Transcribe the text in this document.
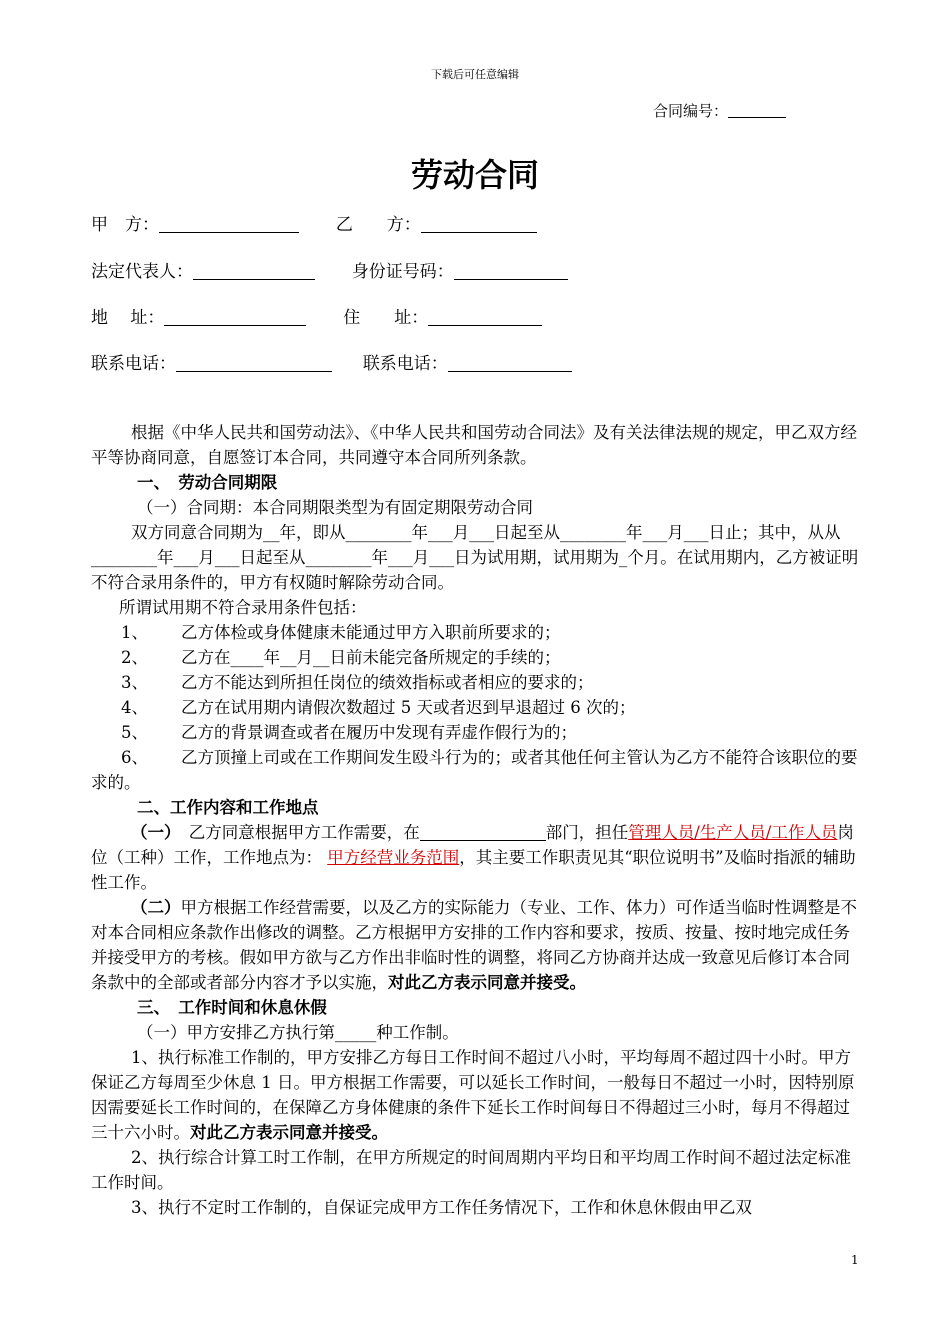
下载后可任意编辑
合同编号：
劳动合同
甲　方：	乙　　方：
法定代表人：	身份证号码：
地　 址：	住　　址：
联系电话：	联系电话：

根据《中华人民共和国劳动法》、《中华人民共和国劳动合同法》及有关法律法规的规定，甲乙双方经平等协商同意，自愿签订本合同，共同遵守本合同所列条款。

一、　劳动合同期限

（一）合同期：本合同期限类型为有固定期限劳动合同

双方同意合同期为__年，即从________年___月___日起至从________年___月___日止；其中，从从________年___月___日起至从________年___月___日为试用期，试用期为_个月。在试用期内，乙方被证明不符合录用条件的，甲方有权随时解除劳动合同。

所谓试用期不符合录用条件包括：

1、 乙方体检或身体健康未能通过甲方入职前所要求的；

2、 乙方在____年__月__日前未能完备所规定的手续的；

3、 乙方不能达到所担任岗位的绩效指标或者相应的要求的；

4、 乙方在试用期内请假次数超过 5 天或者迟到早退超过 6 次的；

5、 乙方的背景调查或者在履历中发现有弄虚作假行为的；

6、 乙方顶撞上司或在工作期间发生殴斗行为的；或者其他任何主管认为乙方不能符合该职位的要求的。

二、工作内容和工作地点

（一）　 乙方同意根据甲方工作需要，在	部门，担任管理人员/生产人员/工作人员岗位（工种）工作，工作地点为： 甲方经营业务范围，其主要工作职责见其“职位说明书”及临时指派的辅助性工作。

（二）甲方根据工作经营需要，以及乙方的实际能力（专业、工作、体力）可作适当临时性调整是不对本合同相应条款作出修改的调整。乙方根据甲方安排的工作内容和要求，按质、按量、按时地完成任务并接受甲方的考核。假如甲方欲与乙方作出非临时性的调整，将同乙方协商并达成一致意见后修订本合同条款中的全部或者部分内容才予以实施，对此乙方表示同意并接受。

三、　工作时间和休息休假

（一）甲方安排乙方执行第_____种工作制。

1、执行标准工作制的，甲方安排乙方每日工作时间不超过八小时，平均每周不超过四十小时。甲方保证乙方每周至少休息 1 日。甲方根据工作需要，可以延长工作时间，一般每日不超过一小时，因特别原因需要延长工作时间的，在保障乙方身体健康的条件下延长工作时间每日不得超过三小时，每月不得超过三十六小时。对此乙方表示同意并接受。

2、执行综合计算工时工作制，在甲方所规定的时间周期内平均日和平均周工作时间不超过法定标准工作时间。

3、执行不定时工作制的，自保证完成甲方工作任务情况下，工作和休息休假由甲乙双

1
